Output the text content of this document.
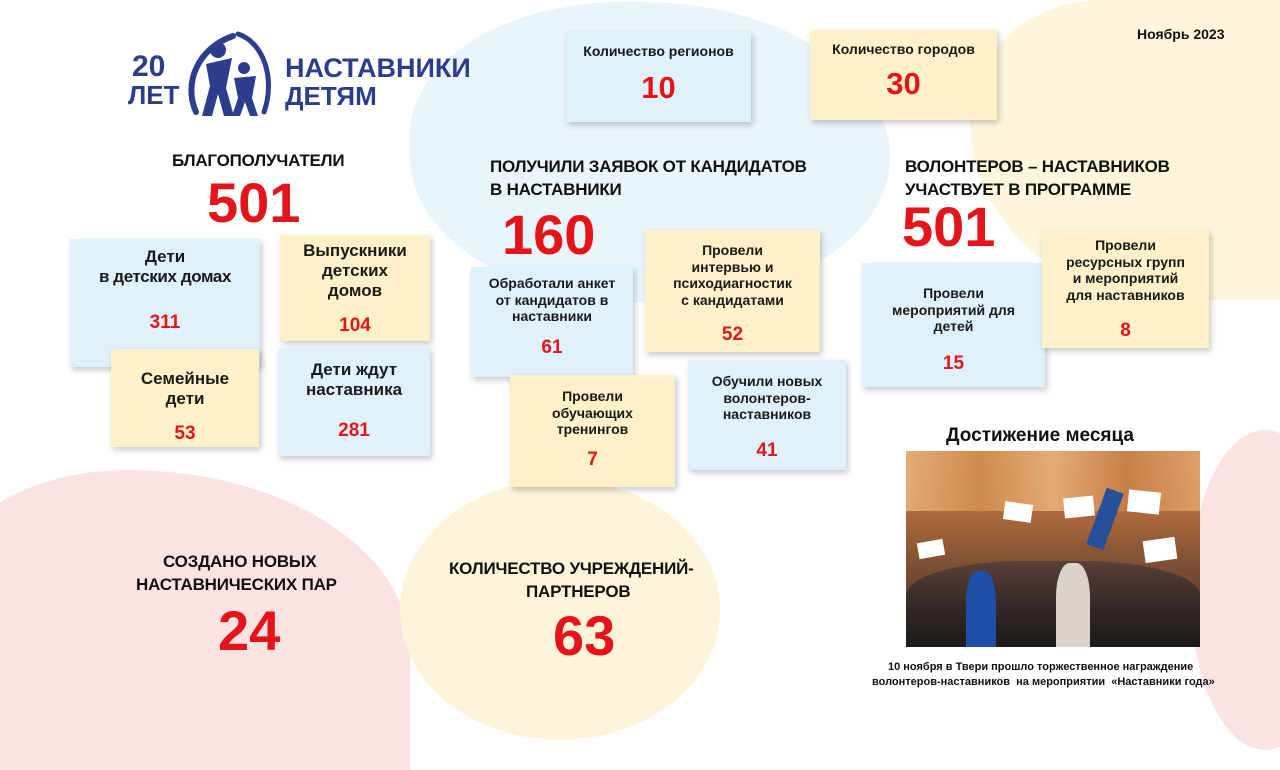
20
ЛЕТ
НАСТАВНИКИ
ДЕТЯМ
Ноябрь 2023
Количество регионов
10
Количество городов
30
БЛАГОПОЛУЧАТЕЛИ
501
Дети
в детских домах
311
Выпускники
детских
домов
104
Семейные
дети
53
Дети ждут
наставника
281
ПОЛУЧИЛИ ЗАЯВОК ОТ КАНДИДАТОВ
В НАСТАВНИКИ
160
Обработали анкет
от кандидатов в
наставники
61
Провели
интервью и
психодиагностик
с кандидатами
52
Провели
обучающих
тренингов
7
Обучили новых
волонтеров-
наставников
41
ВОЛОНТЕРОВ – НАСТАВНИКОВ
УЧАСТВУЕТ В ПРОГРАММЕ
501
Провели
мероприятий для
детей
15
Провели
ресурсных групп
и мероприятий
для наставников
8
СОЗДАНО НОВЫХ
НАСТАВНИЧЕСКИХ ПАР
24
КОЛИЧЕСТВО УЧРЕЖДЕНИЙ-
ПАРТНЕРОВ
63
Достижение месяца
10 ноября в Твери прошло торжественное награждение
волонтеров-наставников  на мероприятии  «Наставники года»
